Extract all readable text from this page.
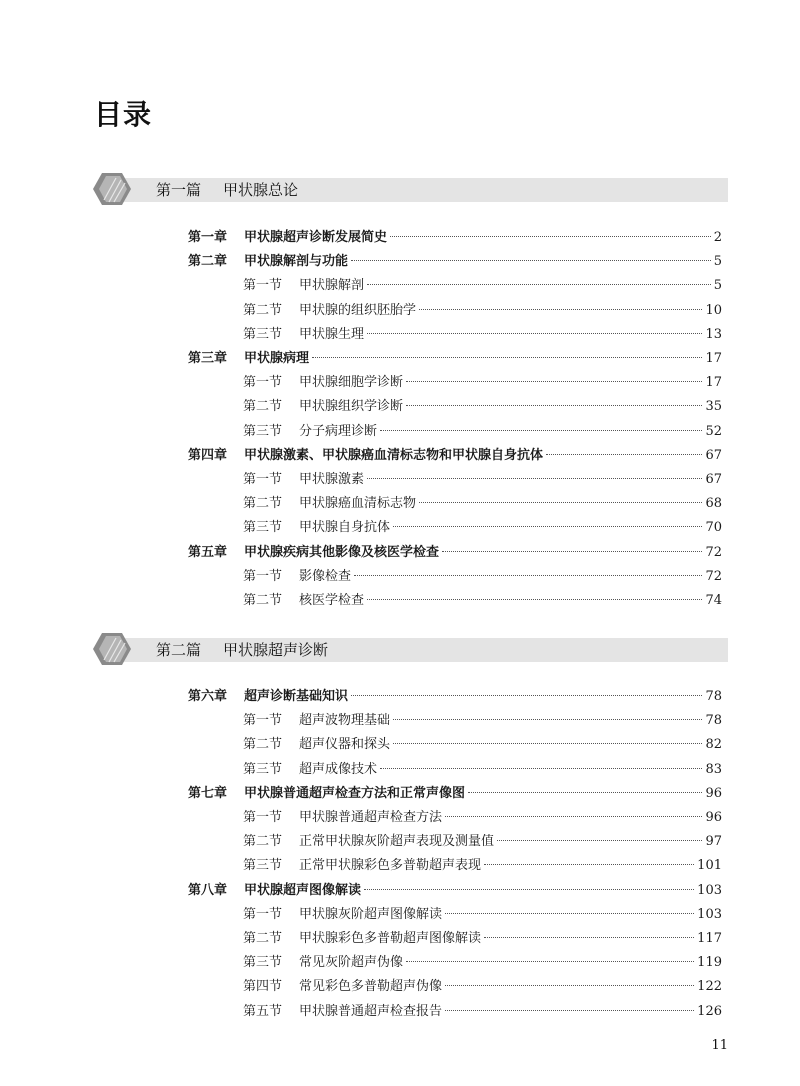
目录
第一篇 甲状腺总论
第一章	甲状腺超声诊断发展简史	2
第二章	甲状腺解剖与功能	5
第一节	甲状腺解剖	5
第二节	甲状腺的组织胚胎学	10
第三节	甲状腺生理	13
第三章	甲状腺病理	17
第一节	甲状腺细胞学诊断	17
第二节	甲状腺组织学诊断	35
第三节	分子病理诊断	52
第四章	甲状腺激素、甲状腺癌血清标志物和甲状腺自身抗体	67
第一节	甲状腺激素	67
第二节	甲状腺癌血清标志物	68
第三节	甲状腺自身抗体	70
第五章	甲状腺疾病其他影像及核医学检查	72
第一节	影像检查	72
第二节	核医学检查	74
第二篇 甲状腺超声诊断
第六章	超声诊断基础知识	78
第一节	超声波物理基础	78
第二节	超声仪器和探头	82
第三节	超声成像技术	83
第七章	甲状腺普通超声检查方法和正常声像图	96
第一节	甲状腺普通超声检查方法	96
第二节	正常甲状腺灰阶超声表现及测量值	97
第三节	正常甲状腺彩色多普勒超声表现	101
第八章	甲状腺超声图像解读	103
第一节	甲状腺灰阶超声图像解读	103
第二节	甲状腺彩色多普勒超声图像解读	117
第三节	常见灰阶超声伪像	119
第四节	常见彩色多普勒超声伪像	122
第五节	甲状腺普通超声检查报告	126
11
